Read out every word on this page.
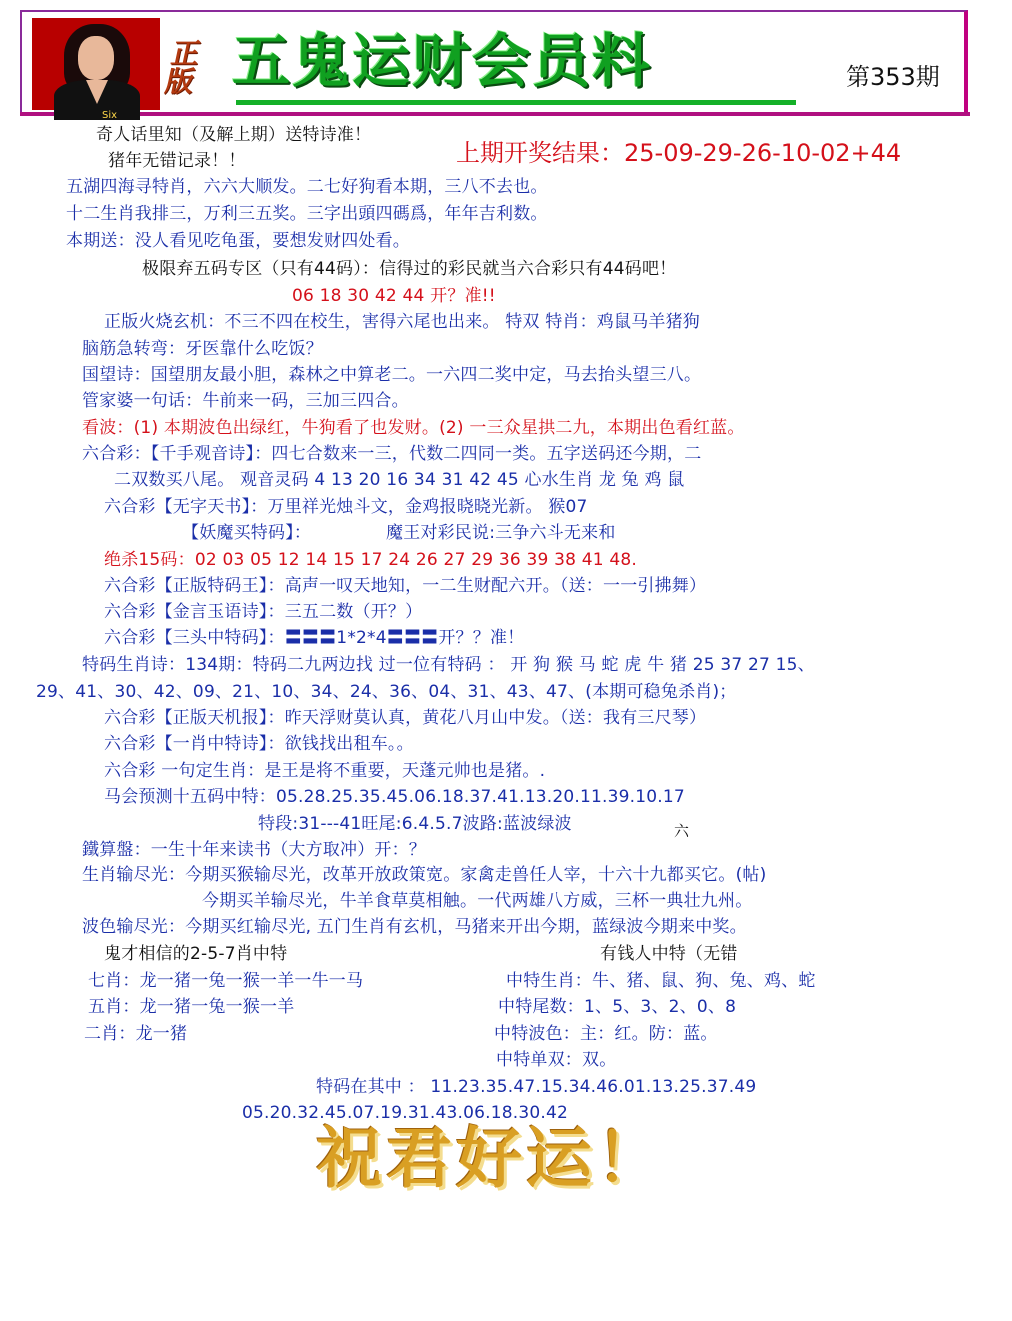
Six
正版 五鬼运财会员料	第353期
奇人话里知（及解上期）送特诗准！
上期开奖结果：25-09-29-26-10-02+44
猪年无错记录！！
五湖四海寻特肖，六六大顺发。二七好狗看本期，三八不去也。
十二生肖我排三，万利三五奖。三字出頭四碼爲，年年吉利数。
本期送：没人看见吃龟蛋，要想发财四处看。
极限弃五码专区（只有44码）：信得过的彩民就当六合彩只有44码吧！
06 18 30 42 44 开？准!!
正版火烧玄机：不三不四在校生，害得六尾也出来。 特双 特肖：鸡鼠马羊猪狗
脑筋急转弯：牙医靠什么吃饭？
国望诗：国望朋友最小胆，森林之中算老二。一六四二奖中定，马去抬头望三八。
管家婆一句话：牛前来一码，三加三四合。
看波：(1) 本期波色出绿红，牛狗看了也发财。(2) 一三众星拱二九，本期出色看红蓝。
六合彩：【千手观音诗】：四七合数来一三，代数二四同一类。五字送码还今期，二
二双数买八尾。 观音灵码 4 13 20 16 34 31 42 45 心水生肖 龙 兔 鸡 鼠
六合彩【无字天书】：万里祥光烛斗文，金鸡报晓晓光新。 猴07
【妖魔买特码】：	魔王对彩民说:三争六斗无来和
绝杀15码：02 03 05 12 14 15 17 24 26 27 29 36 39 38 41 48.
六合彩【正版特码王】：高声一叹天地知，一二生财配六开。（送：一一引拂舞）
六合彩【金言玉语诗】：三五二数（开？）
六合彩【三头中特码】：〓〓〓1*2*4〓〓〓开？？准！
特码生肖诗：134期：特码二九两边找 过一位有特码 ： 开 狗 猴 马 蛇 虎 牛 猪 25 37 27 15、
29、41、30、42、09、21、10、34、24、36、04、31、43、47、(本期可稳兔杀肖)；
六合彩【正版天机报】：昨天浮财莫认真，黄花八月山中发。（送：我有三尺琴）
六合彩【一肖中特诗】：欲钱找出租车。。
六合彩 一句定生肖：是王是将不重要，天蓬元帅也是猪。.
马会预测十五码中特：05.28.25.35.45.06.18.37.41.13.20.11.39.10.17
特段:31---41旺尾:6.4.5.7波路:蓝波绿波	六
鐵算盤：一生十年来读书（大方取冲）开：？
生肖输尽光：今期买猴输尽光，改革开放政策宽。家禽走兽任人宰，十六十九都买它。(帖)
今期买羊输尽光，牛羊食草莫相触。一代两雄八方威，三杯一典壮九州。
波色输尽光：今期买红输尽光, 五门生肖有玄机，马猪来开出今期，蓝绿波今期来中奖。
鬼才相信的2-5-7肖中特	有钱人中特（无错
七肖：龙一猪一兔一猴一羊一牛一马	中特生肖：牛、猪、鼠、狗、兔、鸡、蛇
五肖：龙一猪一兔一猴一羊	中特尾数：1、5、3、2、0、8
二肖：龙一猪	中特波色：主：红。防：蓝。
中特单双：双。
特码在其中 ： 11.23.35.47.15.34.46.01.13.25.37.49
05.20.32.45.07.19.31.43.06.18.30.42
祝君好运！
